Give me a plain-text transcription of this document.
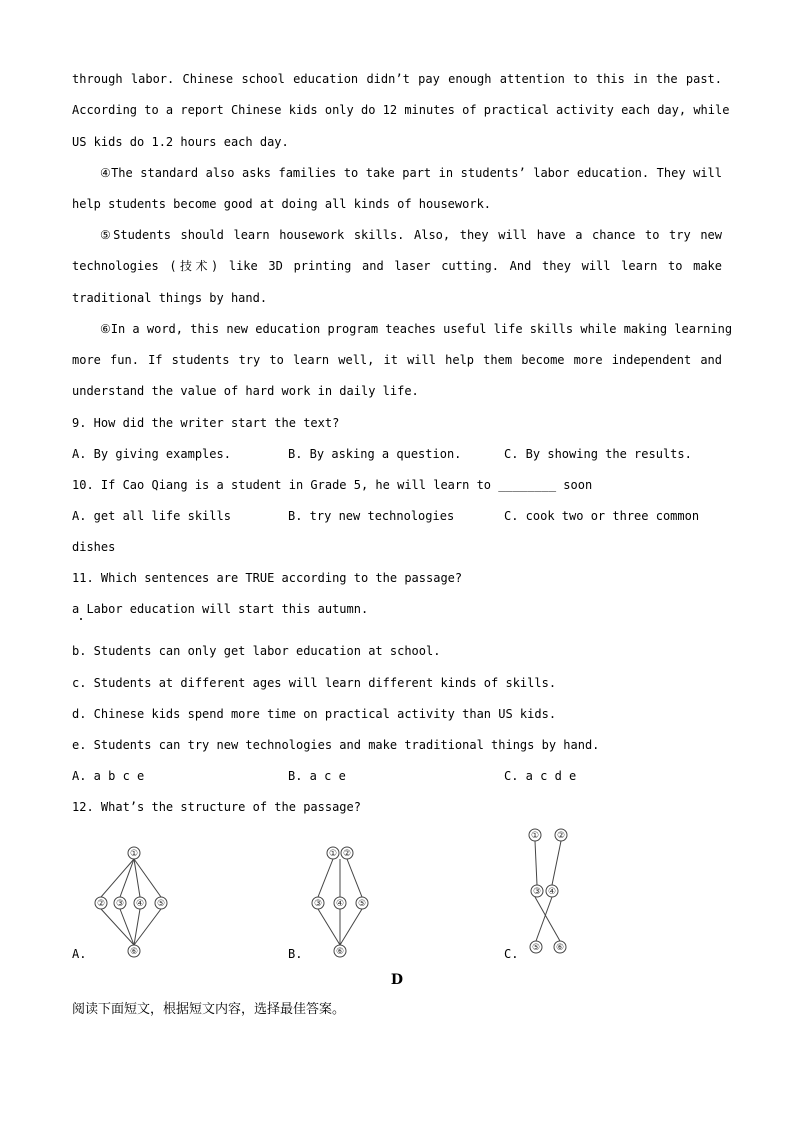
through labor. Chinese school education didn’t pay enough attention to this in the past.
According to a report Chinese kids only do 12 minutes of practical activity each day, while
US kids do 1.2 hours each day.
④The standard also asks families to take part in students’ labor education. They will
help students become good at doing all kinds of housework.
⑤Students should learn housework skills. Also, they will have a chance to try new
technologies (技术) like 3D printing and laser cutting. And they will learn to make
traditional things by hand.
⑥In a word, this new education program teaches useful life skills while making learning
more fun. If students try to learn well, it will help them become more independent and
understand the value of hard work in daily life.
9. How did the writer start the text?
A. By giving examples.	B. By asking a question.	C. By showing the results.
10. If Cao Qiang is a student in Grade 5, he will learn to ________ soon
A. get all life skills	B. try new technologies	C. cook two or three common
dishes
11. Which sentences are TRUE according to the passage?
a Labor education will start this autumn.
b. Students can only get labor education at school.
c. Students at different ages will learn different kinds of skills.
d. Chinese kids spend more time on practical activity than US kids.
e. Students can try new technologies and make traditional things by hand.
A. a b c e	B. a c e	C. a c d e
12. What’s the structure of the passage?
A.	B.	C.
①
② ③ ④ ⑤
⑥
① ②
③ ④ ⑤
⑥
① ②
③ ④
⑤ ⑥
D
阅读下面短文，根据短文内容，选择最佳答案。
